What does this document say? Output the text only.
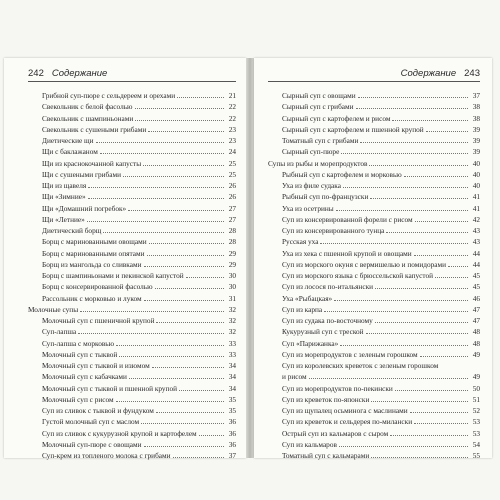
242 Содержание
Грибной суп-пюре с сельдереем и орехами	21
Свекольник с белой фасолью	22
Свекольник с шампиньонами	22
Свекольник с сушеными грибами	23
Диетические щи	23
Щи с баклажаном	24
Щи из краснокочанной капусты	25
Щи с сушеными грибами	25
Щи из щавеля	26
Щи «Зимние»	26
Щи «Домашний погребок»	27
Щи «Летние»	27
Диетический борщ	28
Борщ с маринованными овощами	28
Борщ с маринованными опятами	29
Борщ из мангольда со сливками	29
Борщ с шампиньонами и пекинской капустой	30
Борщ с консервированной фасолью	30
Рассольник с морковью и луком	31
Молочные супы	32
Молочный суп с пшеничной крупой	32
Суп-лапша	32
Суп-лапша с морковью	33
Молочный суп с тыквой	33
Молочный суп с тыквой и изюмом	34
Молочный суп с кабачками	34
Молочный суп с тыквой и пшенной крупой	34
Молочный суп с рисом	35
Суп из сливок с тыквой и фундуком	35
Густой молочный суп с маслом	36
Суп из сливок с кукурузной крупой и картофелем	36
Молочный суп-пюре с овощами	36
Суп-крем из топленого молока с грибами	37
Содержание 243
Сырный суп с овощами	37
Сырный суп с грибами	38
Сырный суп с картофелем и рисом	38
Сырный суп с картофелем и пшенной крупой	39
Томатный суп с грибами	39
Сырный суп-пюре	39
Супы из рыбы и морепродуктов	40
Рыбный суп с картофелем и морковью	40
Уха из филе судака	40
Рыбный суп по-французски	41
Уха из осетрины	41
Суп из консервированной форели с рисом	42
Суп из консервированного тунца	43
Русская уха	43
Уха из хека с пшенной крупой и овощами	44
Суп из морского окуня с вермишелью и помидорами	44
Суп из морского языка с брюссельской капустой	45
Суп из лосося по-итальянски	45
Уха «Рыбацкая»	46
Суп из карпа	47
Суп из судака по-восточному	47
Кукурузный суп с треской	48
Суп «Парижанка»	48
Суп из морепродуктов с зеленым горошком	49
Суп из королевских креветок с зеленым горошком
и рисом	49
Суп из морепродуктов по-пекински	50
Суп из креветок по-японски	51
Суп из щупалец осьминога с маслинами	52
Суп из креветок и сельдерея по-милански	53
Острый суп из кальмаров с сыром	53
Суп из кальмаров	54
Томатный суп с кальмарами	55
